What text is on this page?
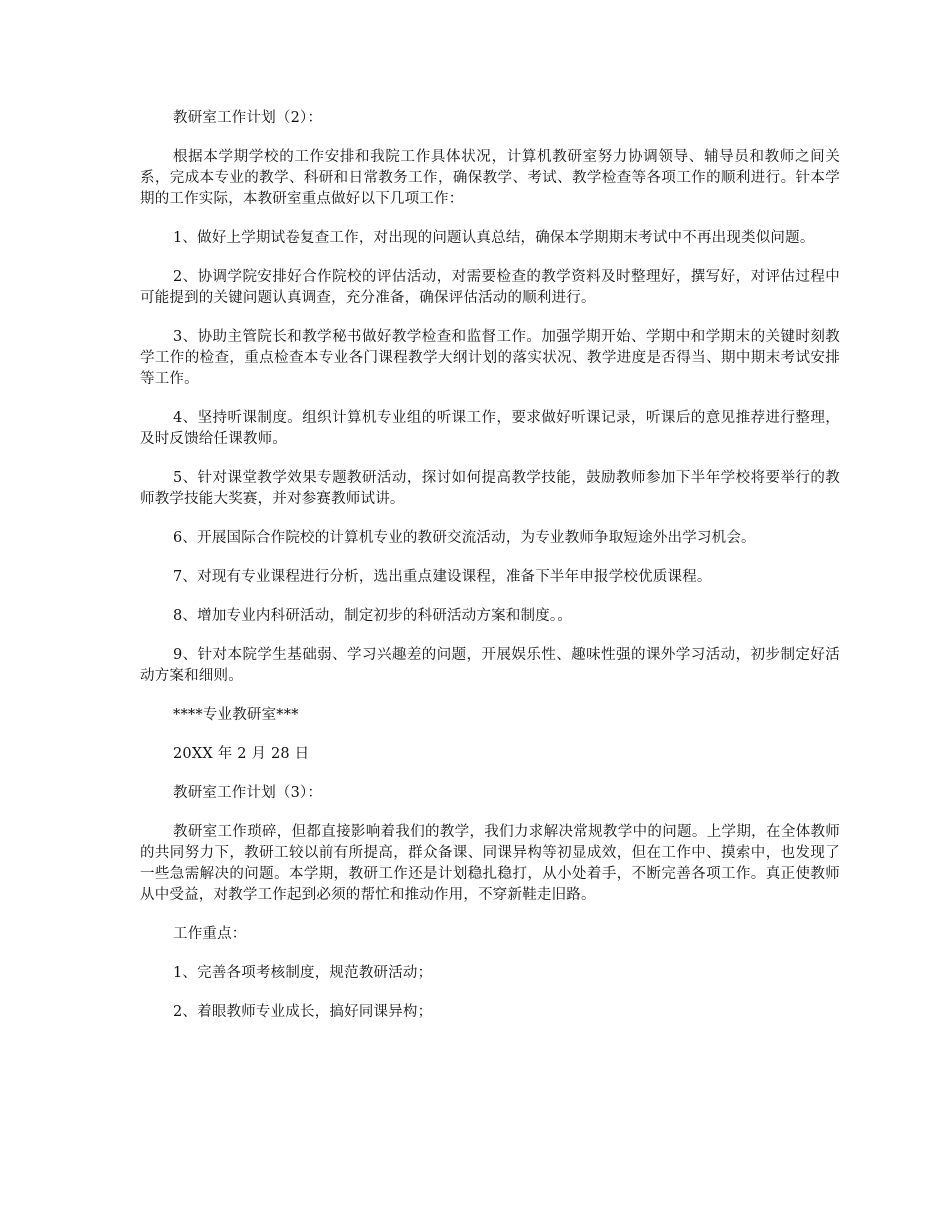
教研室工作计划（2）：

根据本学期学校的工作安排和我院工作具体状况，计算机教研室努力协调领导、辅导员和教师之间关系，完成本专业的教学、科研和日常教务工作，确保教学、考试、教学检查等各项工作的顺利进行。针本学期的工作实际，本教研室重点做好以下几项工作：

1、做好上学期试卷复查工作，对出现的问题认真总结，确保本学期期末考试中不再出现类似问题。

2、协调学院安排好合作院校的评估活动，对需要检查的教学资料及时整理好，撰写好，对评估过程中可能提到的关键问题认真调查，充分准备，确保评估活动的顺利进行。

3、协助主管院长和教学秘书做好教学检查和监督工作。加强学期开始、学期中和学期末的关键时刻教学工作的检查，重点检查本专业各门课程教学大纲计划的落实状况、教学进度是否得当、期中期末考试安排等工作。

4、坚持听课制度。组织计算机专业组的听课工作，要求做好听课记录，听课后的意见推荐进行整理，及时反馈给任课教师。

5、针对课堂教学效果专题教研活动，探讨如何提高教学技能，鼓励教师参加下半年学校将要举行的教师教学技能大奖赛，并对参赛教师试讲。

6、开展国际合作院校的计算机专业的教研交流活动，为专业教师争取短途外出学习机会。

7、对现有专业课程进行分析，选出重点建设课程，准备下半年申报学校优质课程。

8、增加专业内科研活动，制定初步的科研活动方案和制度。。

9、针对本院学生基础弱、学习兴趣差的问题，开展娱乐性、趣味性强的课外学习活动，初步制定好活动方案和细则。

****专业教研室***

20XX 年 2 月 28 日

教研室工作计划（3）：

教研室工作琐碎，但都直接影响着我们的教学，我们力求解决常规教学中的问题。上学期，在全体教师的共同努力下，教研工较以前有所提高，群众备课、同课异构等初显成效，但在工作中、摸索中，也发现了一些急需解决的问题。本学期，教研工作还是计划稳扎稳打，从小处着手，不断完善各项工作。真正使教师从中受益，对教学工作起到必须的帮忙和推动作用，不穿新鞋走旧路。

工作重点：

1、完善各项考核制度，规范教研活动；

2、着眼教师专业成长，搞好同课异构；
